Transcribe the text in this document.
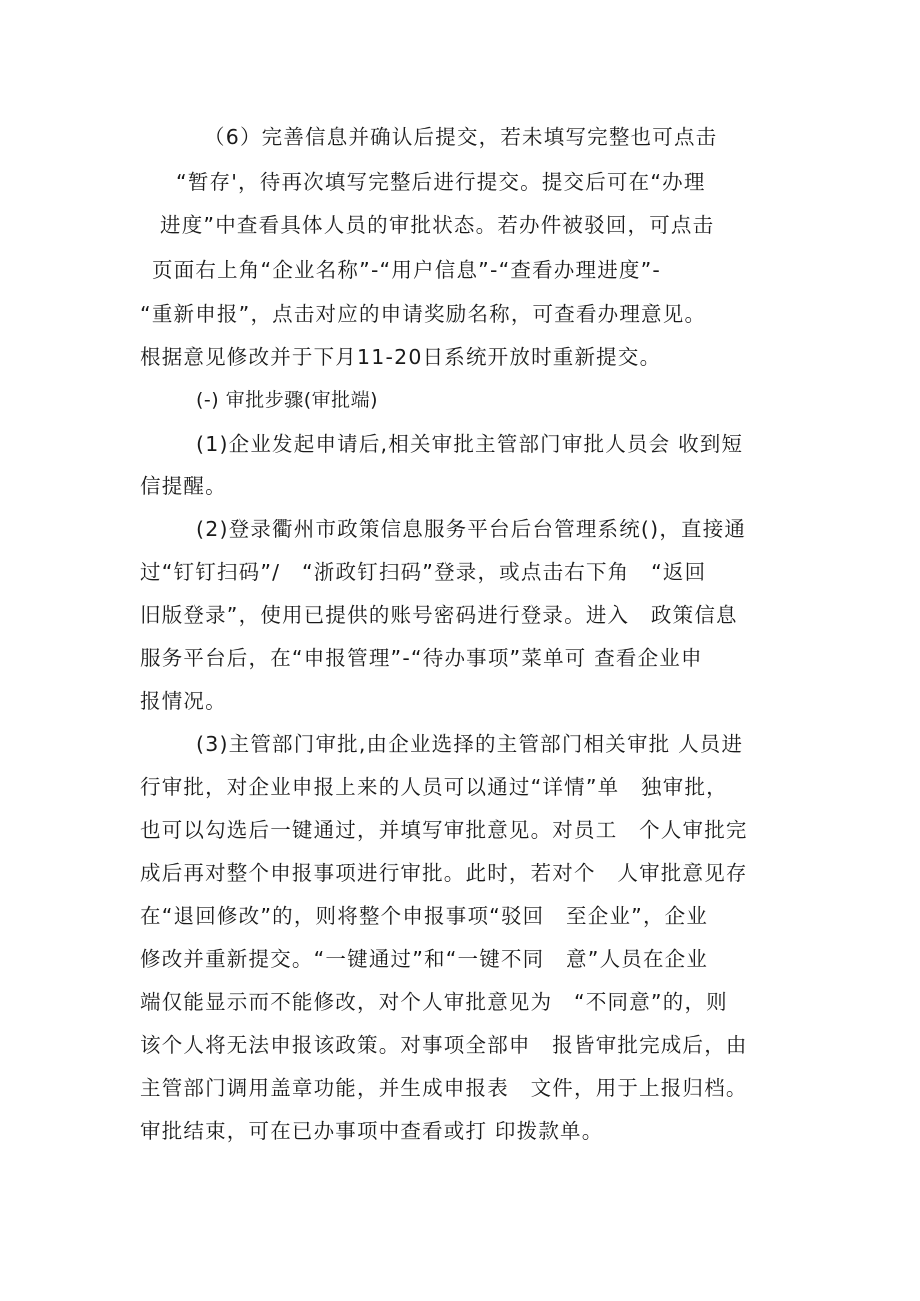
（6）完善信息并确认后提交，若未填写完整也可点击
“暂存'，待再次填写完整后进行提交。提交后可在“办理
进度”中查看具体人员的审批状态。若办件被驳回，可点击
页面右上角“企业名称”-“用户信息”-“查看办理进度”-
“重新申报”，点击对应的申请奖励名称，可查看办理意见。
根据意见修改并于下月11-20日系统开放时重新提交。
(-) 审批步骤(审批端)
(1)企业发起申请后,相关审批主管部门审批人员会 收到短
信提醒。
(2)登录衢州市政策信息服务平台后台管理系统()，直接通
过“钉钉扫码”/　“浙政钉扫码”登录，或点击右下角　“返回
旧版登录”，使用已提供的账号密码进行登录。进入　政策信息
服务平台后，在“申报管理”-“待办事项”菜单可 查看企业申
报情况。
(3)主管部门审批,由企业选择的主管部门相关审批 人员进
行审批，对企业申报上来的人员可以通过“详情”单　独审批，
也可以勾选后一键通过，并填写审批意见。对员工　个人审批完
成后再对整个申报事项进行审批。此时，若对个　人审批意见存
在“退回修改”的，则将整个申报事项“驳回　至企业”，企业
修改并重新提交。“一键通过”和“一键不同　意”人员在企业
端仅能显示而不能修改，对个人审批意见为　“不同意”的，则
该个人将无法申报该政策。对事项全部申　报皆审批完成后，由
主管部门调用盖章功能，并生成申报表　文件，用于上报归档。
审批结束，可在已办事项中查看或打 印拨款单。
